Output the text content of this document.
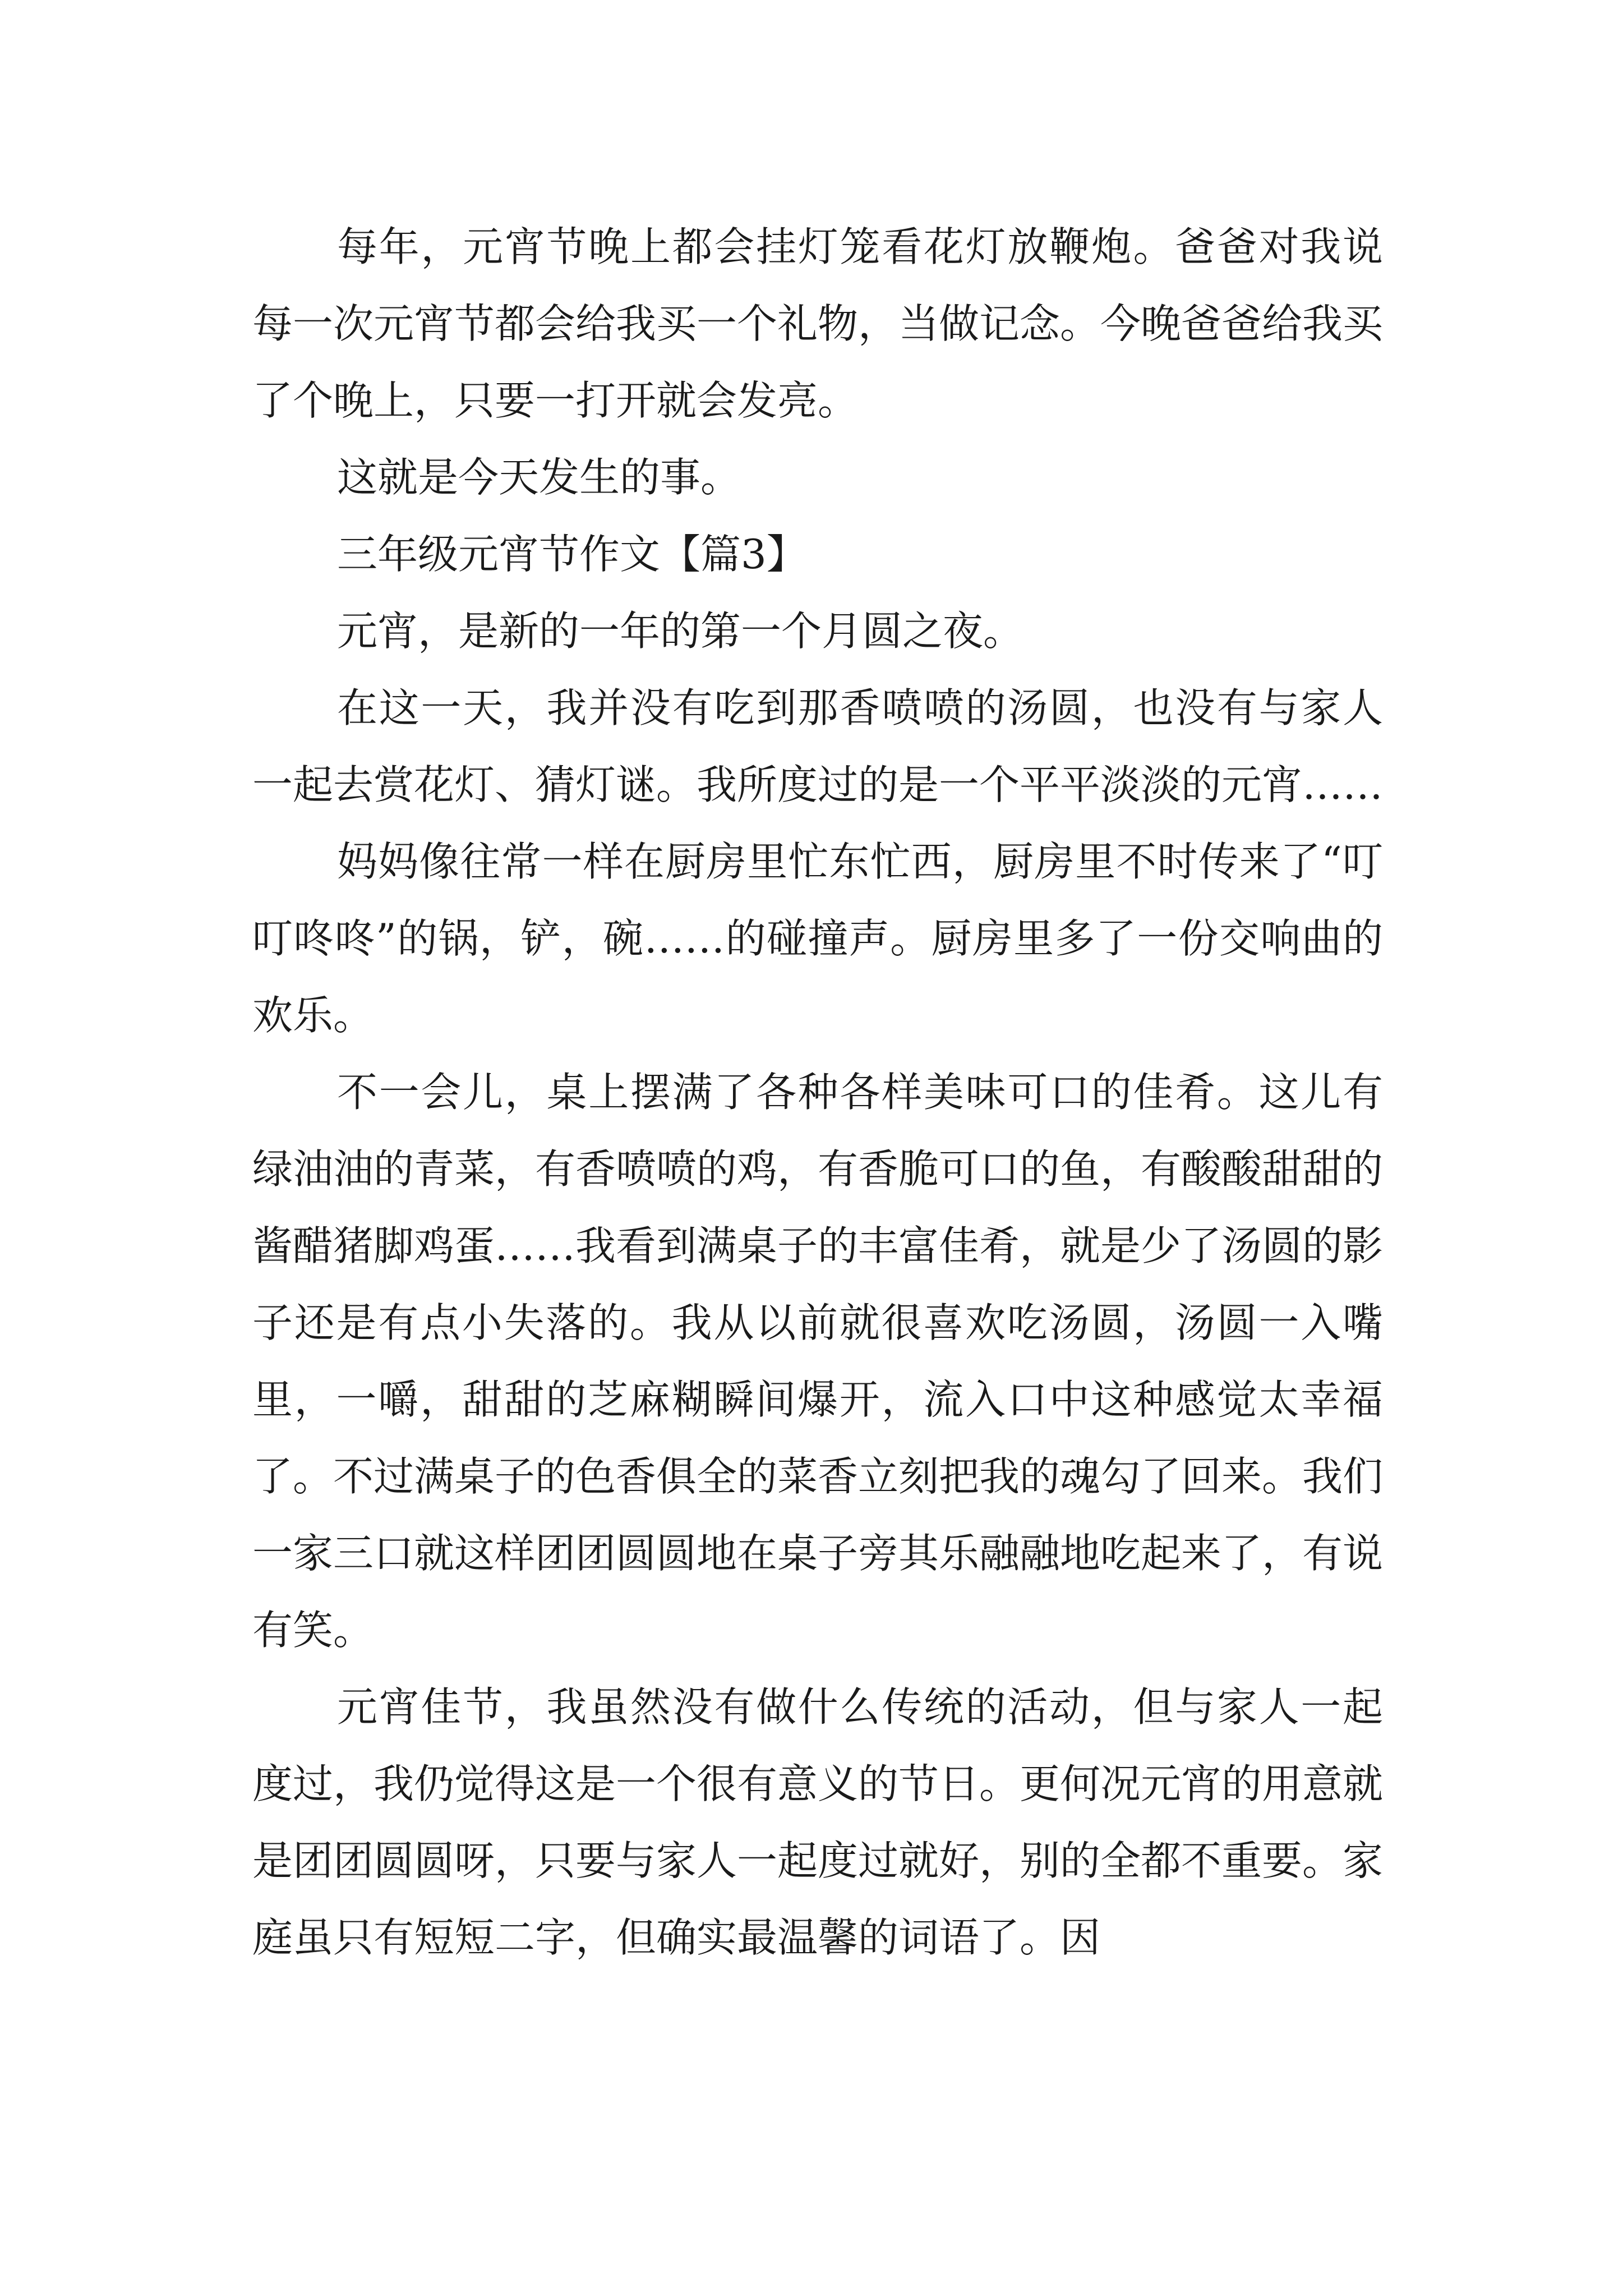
每年，元宵节晚上都会挂灯笼看花灯放鞭炮。爸爸对我说每一次元宵节都会给我买一个礼物，当做记念。今晚爸爸给我买了个晚上，只要一打开就会发亮。

这就是今天发生的事。

三年级元宵节作文【篇3】

元宵，是新的一年的第一个月圆之夜。

在这一天，我并没有吃到那香喷喷的汤圆，也没有与家人一起去赏花灯、猜灯谜。我所度过的是一个平平淡淡的元宵……

妈妈像往常一样在厨房里忙东忙西，厨房里不时传来了“叮叮咚咚”的锅，铲，碗……的碰撞声。厨房里多了一份交响曲的欢乐。

不一会儿，桌上摆满了各种各样美味可口的佳肴。这儿有绿油油的青菜，有香喷喷的鸡，有香脆可口的鱼，有酸酸甜甜的酱醋猪脚鸡蛋……我看到满桌子的丰富佳肴，就是少了汤圆的影子还是有点小失落的。我从以前就很喜欢吃汤圆，汤圆一入嘴里，一嚼，甜甜的芝麻糊瞬间爆开，流入口中这种感觉太幸福了。不过满桌子的色香俱全的菜香立刻把我的魂勾了回来。我们一家三口就这样团团圆圆地在桌子旁其乐融融地吃起来了，有说有笑。

元宵佳节，我虽然没有做什么传统的活动，但与家人一起度过，我仍觉得这是一个很有意义的节日。更何况元宵的用意就是团团圆圆呀，只要与家人一起度过就好，别的全都不重要。家庭虽只有短短二字，但确实最温馨的词语了。因
